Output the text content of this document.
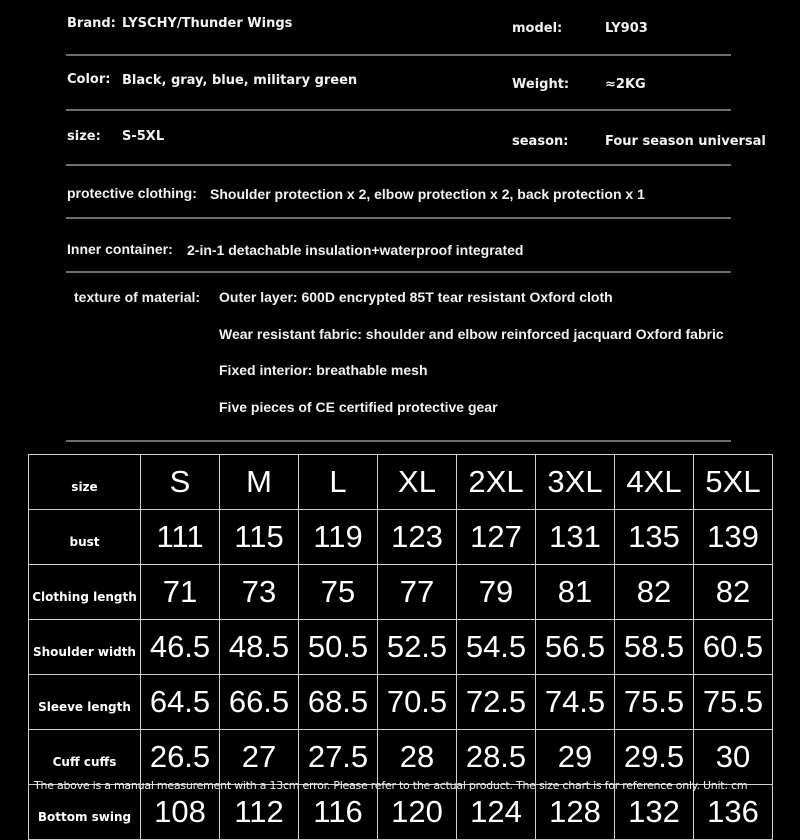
Brand: LYSCHY/Thunder Wings	model:	LY903
Color: Black, gray, blue, military green	Weight:	≈2KG
size: S-5XL	season:	Four season universal
protective clothing: Shoulder protection x 2, elbow protection x 2, back protection x 1
Inner container: 2-in-1 detachable insulation+waterproof integrated
texture of material: Outer layer: 600D encrypted 85T tear resistant Oxford cloth
Wear resistant fabric: shoulder and elbow reinforced jacquard Oxford fabric
Fixed interior: breathable mesh
Five pieces of CE certified protective gear
size	S	M	L	XL	2XL	3XL	4XL	5XL
bust	111	115	119	123	127	131	135	139
Clothing length	71	73	75	77	79	81	82	82
Shoulder width	46.5	48.5	50.5	52.5	54.5	56.5	58.5	60.5
Sleeve length	64.5	66.5	68.5	70.5	72.5	74.5	75.5	75.5
Cuff cuffs	26.5	27	27.5	28	28.5	29	29.5	30
Bottom swing	108	112	116	120	124	128	132	136
The above is a manual measurement with a 13cm error. Please refer to the actual product. The size chart is for reference only. Unit: cm
